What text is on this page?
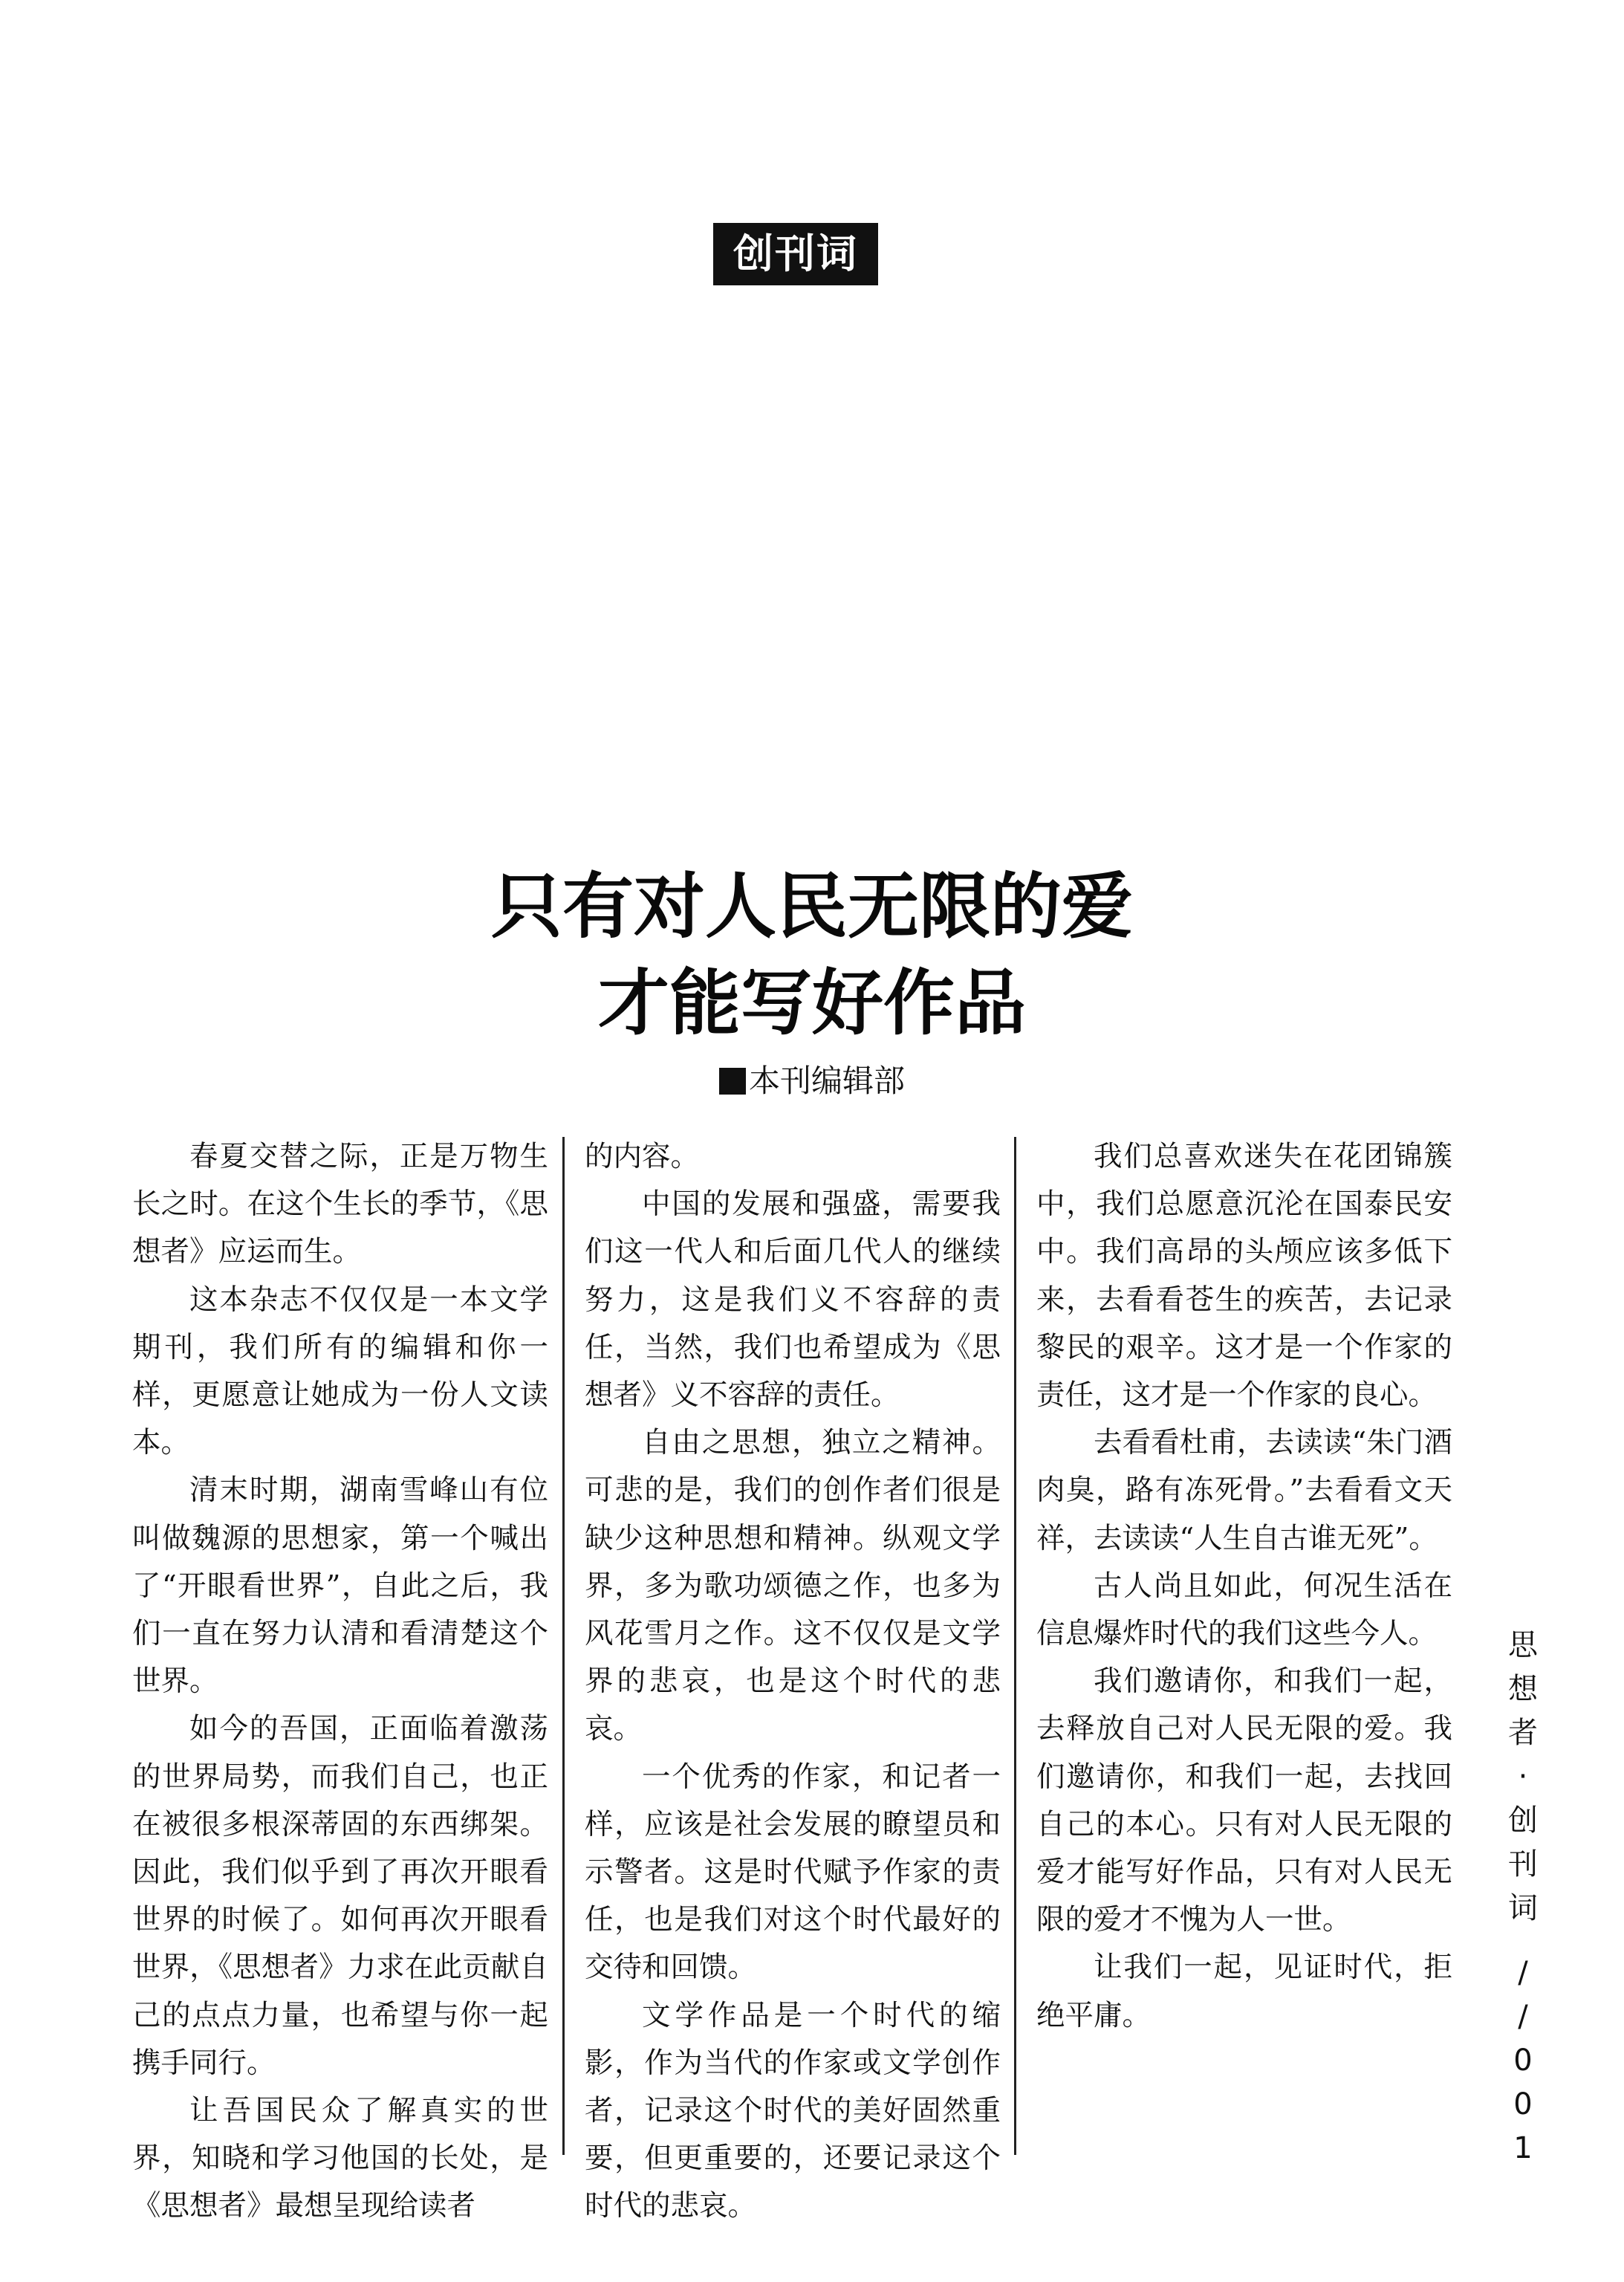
创刊词
只有对人民无限的爱
才能写好作品
本刊编辑部

春夏交替之际，正是万物生长之时。在这个生长的季节，《思想者》应运而生。

这本杂志不仅仅是一本文学期刊，我们所有的编辑和你一样，更愿意让她成为一份人文读本。

清末时期，湖南雪峰山有位叫做魏源的思想家，第一个喊出了“开眼看世界”，自此之后，我们一直在努力认清和看清楚这个世界。

如今的吾国，正面临着激荡的世界局势，而我们自己，也正在被很多根深蒂固的东西绑架。因此，我们似乎到了再次开眼看世界的时候了。如何再次开眼看世界，《思想者》力求在此贡献自己的点点力量，也希望与你一起携手同行。

让吾国民众了解真实的世界，知晓和学习他国的长处，是《思想者》最想呈现给读者

的内容。

中国的发展和强盛，需要我们这一代人和后面几代人的继续努力，这是我们义不容辞的责任，当然，我们也希望成为《思想者》义不容辞的责任。

自由之思想，独立之精神。可悲的是，我们的创作者们很是缺少这种思想和精神。纵观文学界，多为歌功颂德之作，也多为风花雪月之作。这不仅仅是文学界的悲哀，也是这个时代的悲哀。

一个优秀的作家，和记者一样，应该是社会发展的瞭望员和示警者。这是时代赋予作家的责任，也是我们对这个时代最好的交待和回馈。

文学作品是一个时代的缩影，作为当代的作家或文学创作者，记录这个时代的美好固然重要，但更重要的，还要记录这个时代的悲哀。

我们总喜欢迷失在花团锦簇中，我们总愿意沉沦在国泰民安中。我们高昂的头颅应该多低下来，去看看苍生的疾苦，去记录黎民的艰辛。这才是一个作家的责任，这才是一个作家的良心。

去看看杜甫，去读读“朱门酒肉臭，路有冻死骨。”去看看文天祥，去读读“人生自古谁无死”。

古人尚且如此，何况生活在信息爆炸时代的我们这些今人。

我们邀请你，和我们一起，去释放自己对人民无限的爱。我们邀请你，和我们一起，去找回自己的本心。只有对人民无限的爱才能写好作品，只有对人民无限的爱才不愧为人一世。

让我们一起，见证时代，拒绝平庸。

思
想
者
·
创
刊
词
/
/
0
0
1
